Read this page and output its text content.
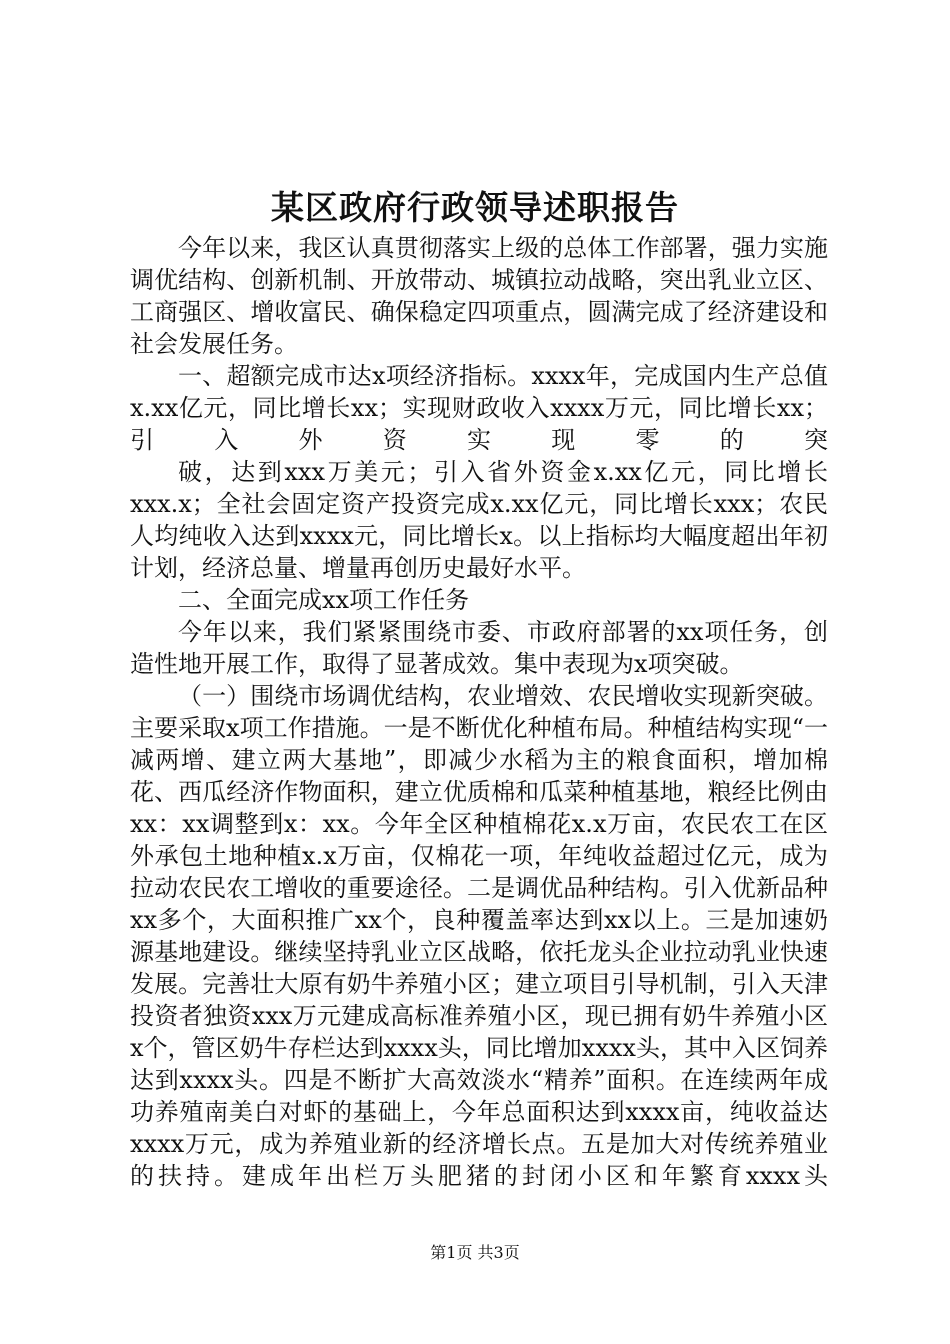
某区政府行政领导述职报告

今年以来，我区认真贯彻落实上级的总体工作部署，强力实施调优结构、创新机制、开放带动、城镇拉动战略，突出乳业立区、工商强区、增收富民、确保稳定四项重点，圆满完成了经济建设和社会发展任务。

一、超额完成市达x项经济指标。xxxx年，完成国内生产总值x.xx亿元，同比增长xx；实现财政收入xxxx万元，同比增长xx；引入外资实现零的突

破，达到xxx万美元；引入省外资金x.xx亿元，同比增长xxx.x；全社会固定资产投资完成x.xx亿元，同比增长xxx；农民人均纯收入达到xxxx元，同比增长x。以上指标均大幅度超出年初计划，经济总量、增量再创历史最好水平。

二、全面完成xx项工作任务

今年以来，我们紧紧围绕市委、市政府部署的xx项任务，创造性地开展工作，取得了显著成效。集中表现为x项突破。

（一）围绕市场调优结构，农业增效、农民增收实现新突破。主要采取x项工作措施。一是不断优化种植布局。种植结构实现“一减两增、建立两大基地”，即减少水稻为主的粮食面积，增加棉花、西瓜经济作物面积，建立优质棉和瓜菜种植基地，粮经比例由xx：xx调整到x：xx。今年全区种植棉花x.x万亩，农民农工在区外承包土地种植x.x万亩，仅棉花一项，年纯收益超过亿元，成为拉动农民农工增收的重要途径。二是调优品种结构。引入优新品种xx多个，大面积推广xx个，良种覆盖率达到xx以上。三是加速奶源基地建设。继续坚持乳业立区战略，依托龙头企业拉动乳业快速发展。完善壮大原有奶牛养殖小区；建立项目引导机制，引入天津投资者独资xxx万元建成高标准养殖小区，现已拥有奶牛养殖小区x个，管区奶牛存栏达到xxxx头，同比增加xxxx头，其中入区饲养达到xxxx头。四是不断扩大高效淡水“精养”面积。在连续两年成功养殖南美白对虾的基础上，今年总面积达到xxxx亩，纯收益达xxxx万元，成为养殖业新的经济增长点。五是加大对传统养殖业的扶持。建成年出栏万头肥猪的封闭小区和年繁育xxxx头

第1页 共3页
